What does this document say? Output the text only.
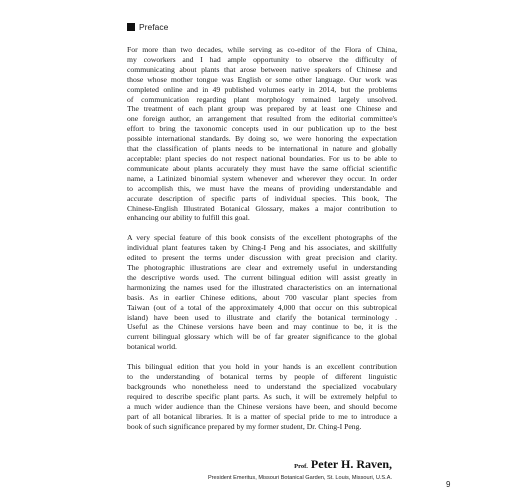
Preface

For more than two decades, while serving as co-editor of the Flora of China,
my coworkers and I had ample opportunity to observe the difficulty of
communicating about plants that arose between native speakers of Chinese and
those whose mother tongue was English or some other language. Our work was
completed online and in 49 published volumes early in 2014, but the problems
of communication regarding plant morphology remained largely unsolved.
The treatment of each plant group was prepared by at least one Chinese and
one foreign author, an arrangement that resulted from the editorial committee's
effort to bring the taxonomic concepts used in our publication up to the best
possible international standards. By doing so, we were honoring the expectation
that the classification of plants needs to be international in nature and globally
acceptable: plant species do not respect national boundaries. For us to be able to
communicate about plants accurately they must have the same official scientific
name, a Latinized binomial system whenever and wherever they occur. In order
to accomplish this, we must have the means of providing understandable and
accurate description of specific parts of individual species. This book, The
Chinese-English Illustrated Botanical Glossary, makes a major contribution to
enhancing our ability to fulfill this goal.

A very special feature of this book consists of the excellent photographs of the
individual plant features taken by Ching-I Peng and his associates, and skillfully
edited to present the terms under discussion with great precision and clarity.
The photographic illustrations are clear and extremely useful in understanding
the descriptive words used. The current bilingual edition will assist greatly in
harmonizing the names used for the illustrated characteristics on an international
basis. As in earlier Chinese editions, about 700 vascular plant species from
Taiwan (out of a total of the approximately 4,000 that occur on this subtropical
island) have been used to illustrate and clarify the botanical terminology .
Useful as the Chinese versions have been and may continue to be, it is the
current bilingual glossary which will be of far greater significance to the global
botanical world.

This bilingual edition that you hold in your hands is an excellent contribution
to the understanding of botanical terms by people of different linguistic
backgrounds who nonetheless need to understand the specialized vocabulary
required to describe specific plant parts. As such, it will be extremely helpful to
a much wider audience than the Chinese versions have been, and should become
part of all botanical libraries. It is a matter of special pride to me to introduce a
book of such significance prepared by my former student, Dr. Ching-I Peng.

Prof. Peter H. Raven,
President Emeritus, Missouri Botanical Garden, St. Louis, Missouri, U.S.A.
9
